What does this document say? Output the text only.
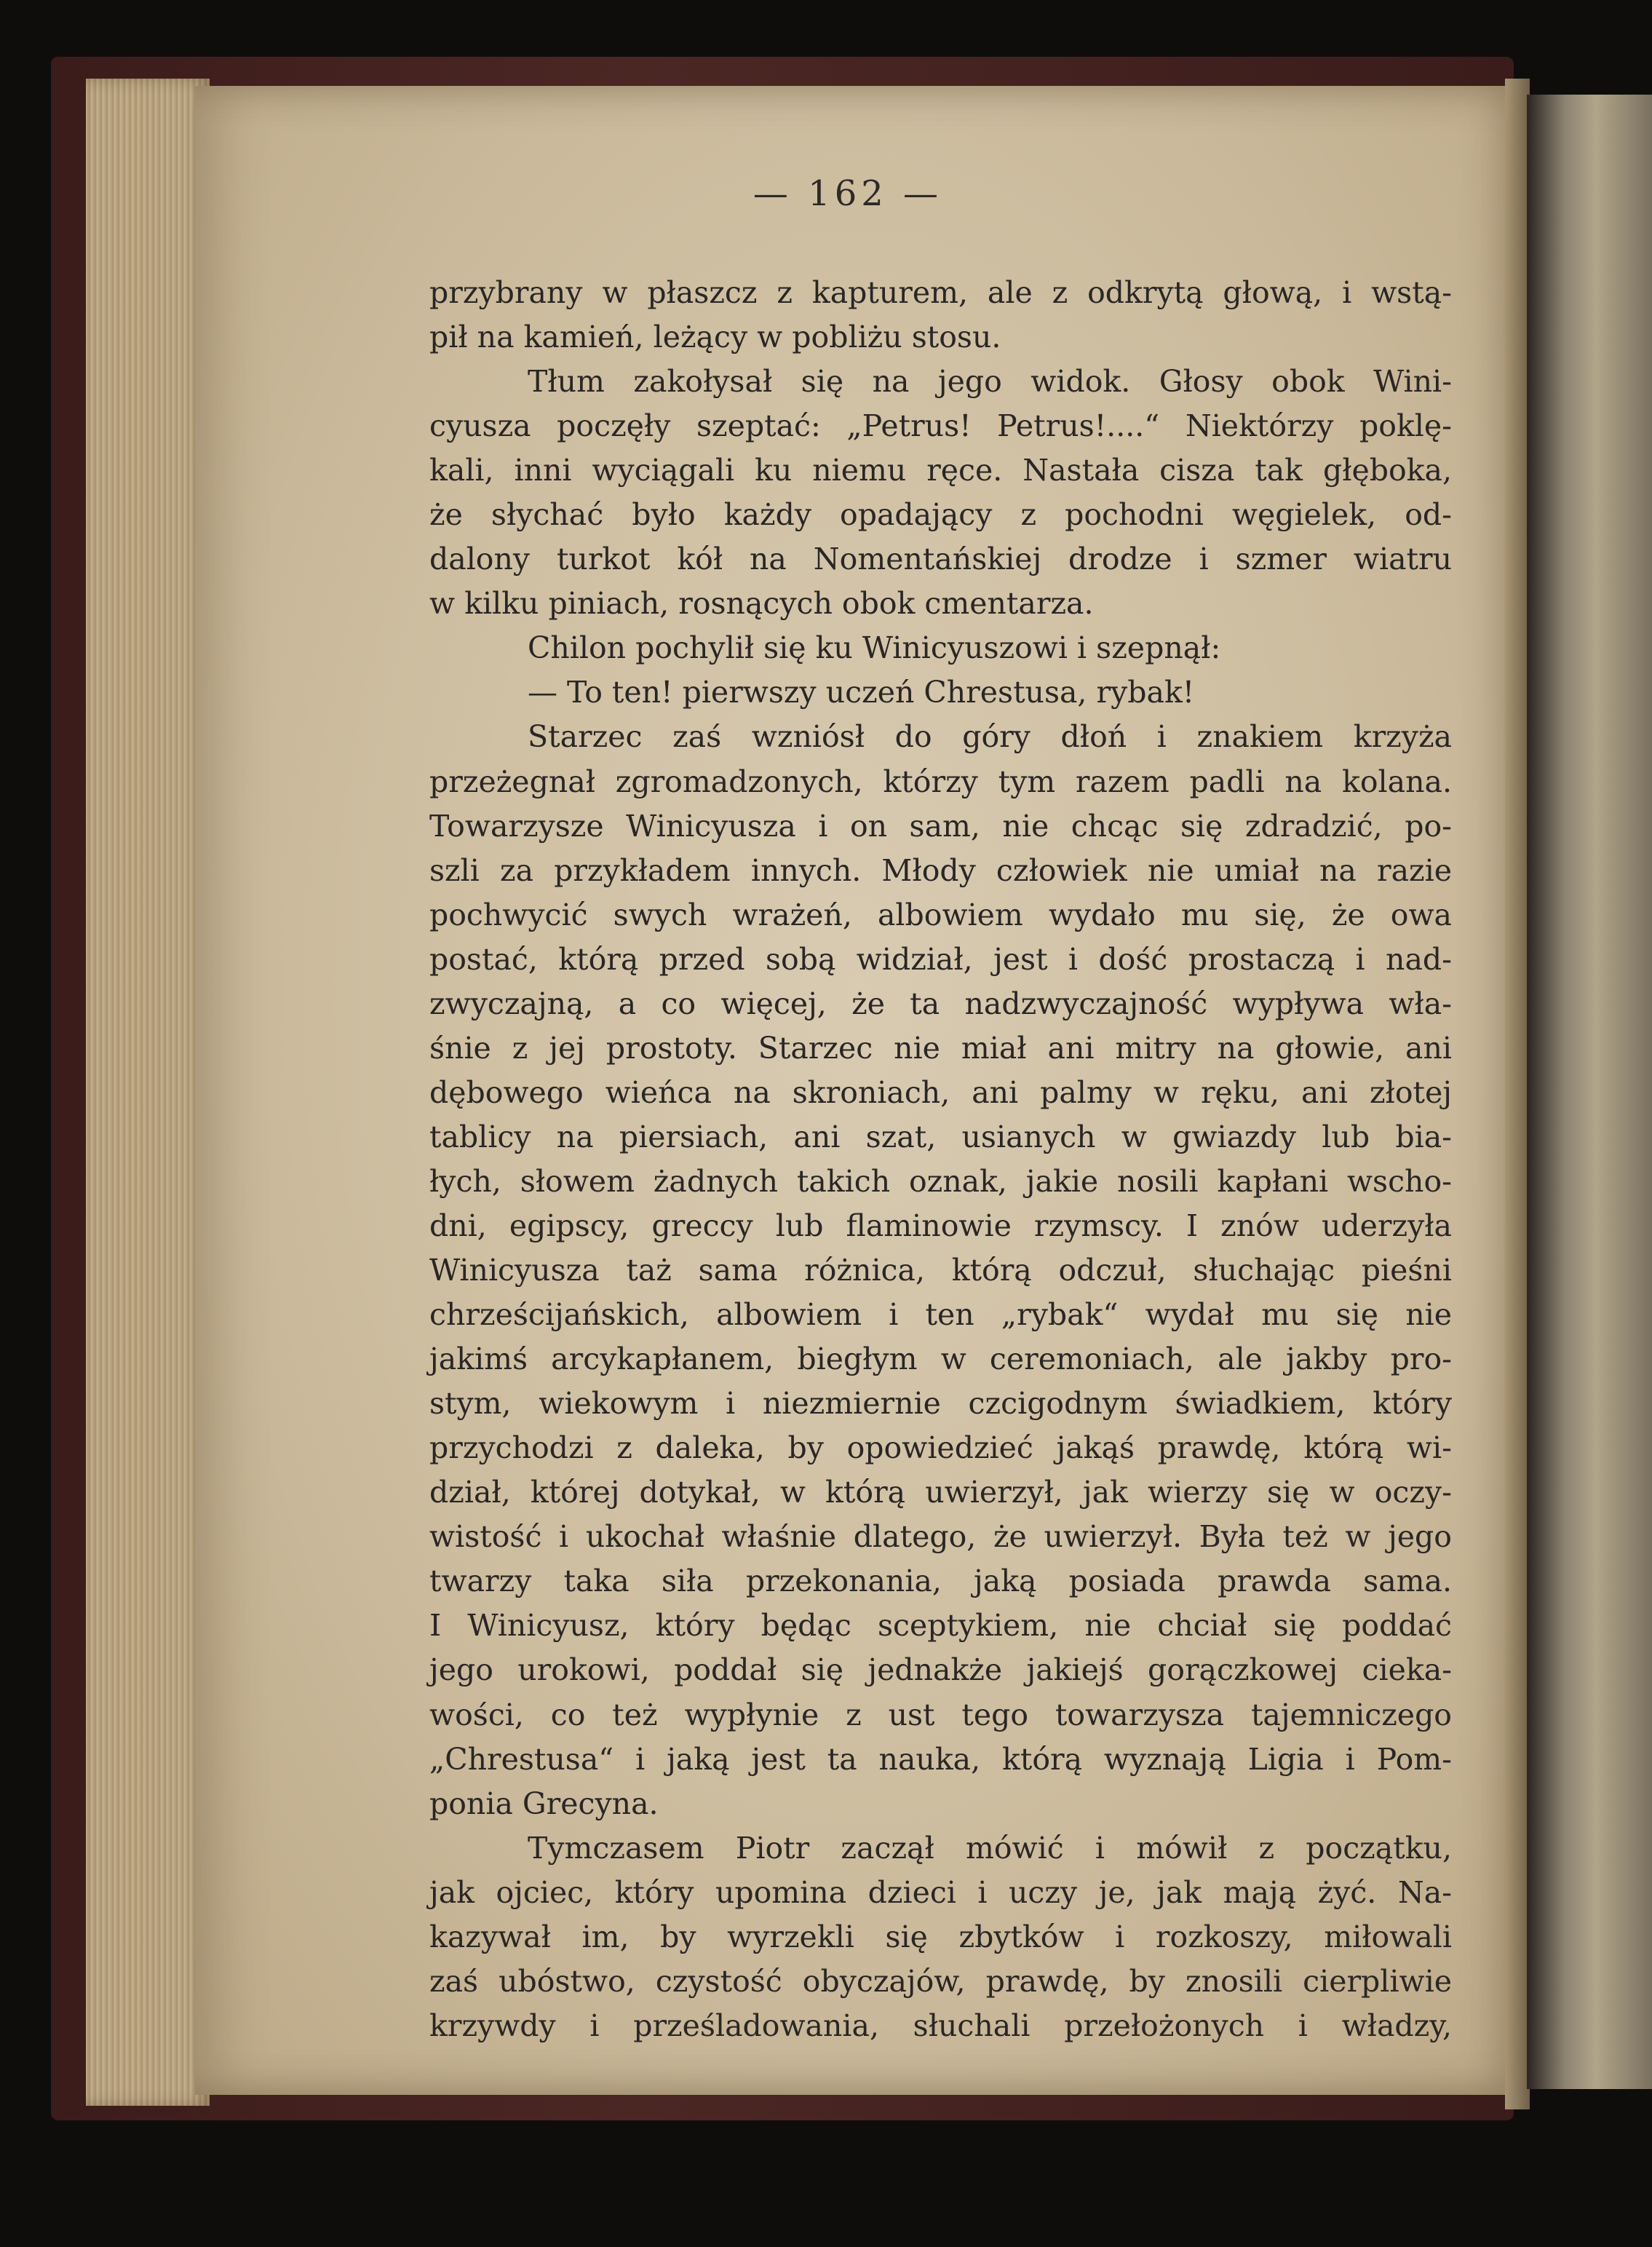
— 162 —
przybrany w płaszcz z kapturem, ale z odkrytą głową, i wstą-
pił na kamień, leżący w pobliżu stosu.
Tłum zakołysał się na jego widok. Głosy obok Wini-
cyusza poczęły szeptać: „Petrus! Petrus!....“ Niektórzy poklę-
kali, inni wyciągali ku niemu ręce. Nastała cisza tak głęboka,
że słychać było każdy opadający z pochodni węgielek, od-
dalony turkot kół na Nomentańskiej drodze i szmer wiatru
w kilku piniach, rosnących obok cmentarza.
Chilon pochylił się ku Winicyuszowi i szepnął:
— To ten! pierwszy uczeń Chrestusa, rybak!
Starzec zaś wzniósł do góry dłoń i znakiem krzyża
przeżegnał zgromadzonych, którzy tym razem padli na kolana.
Towarzysze Winicyusza i on sam, nie chcąc się zdradzić, po-
szli za przykładem innych. Młody człowiek nie umiał na razie
pochwycić swych wrażeń, albowiem wydało mu się, że owa
postać, którą przed sobą widział, jest i dość prostaczą i nad-
zwyczajną, a co więcej, że ta nadzwyczajność wypływa wła-
śnie z jej prostoty. Starzec nie miał ani mitry na głowie, ani
dębowego wieńca na skroniach, ani palmy w ręku, ani złotej
tablicy na piersiach, ani szat, usianych w gwiazdy lub bia-
łych, słowem żadnych takich oznak, jakie nosili kapłani wscho-
dni, egipscy, greccy lub flaminowie rzymscy. I znów uderzyła
Winicyusza taż sama różnica, którą odczuł, słuchając pieśni
chrześcijańskich, albowiem i ten „rybak“ wydał mu się nie
jakimś arcykapłanem, biegłym w ceremoniach, ale jakby pro-
stym, wiekowym i niezmiernie czcigodnym świadkiem, który
przychodzi z daleka, by opowiedzieć jakąś prawdę, którą wi-
dział, której dotykał, w którą uwierzył, jak wierzy się w oczy-
wistość i ukochał właśnie dlatego, że uwierzył. Była też w jego
twarzy taka siła przekonania, jaką posiada prawda sama.
I Winicyusz, który będąc sceptykiem, nie chciał się poddać
jego urokowi, poddał się jednakże jakiejś gorączkowej cieka-
wości, co też wypłynie z ust tego towarzysza tajemniczego
„Chrestusa“ i jaką jest ta nauka, którą wyznają Ligia i Pom-
ponia Grecyna.
Tymczasem Piotr zaczął mówić i mówił z początku,
jak ojciec, który upomina dzieci i uczy je, jak mają żyć. Na-
kazywał im, by wyrzekli się zbytków i rozkoszy, miłowali
zaś ubóstwo, czystość obyczajów, prawdę, by znosili cierpliwie
krzywdy i prześladowania, słuchali przełożonych i władzy,
